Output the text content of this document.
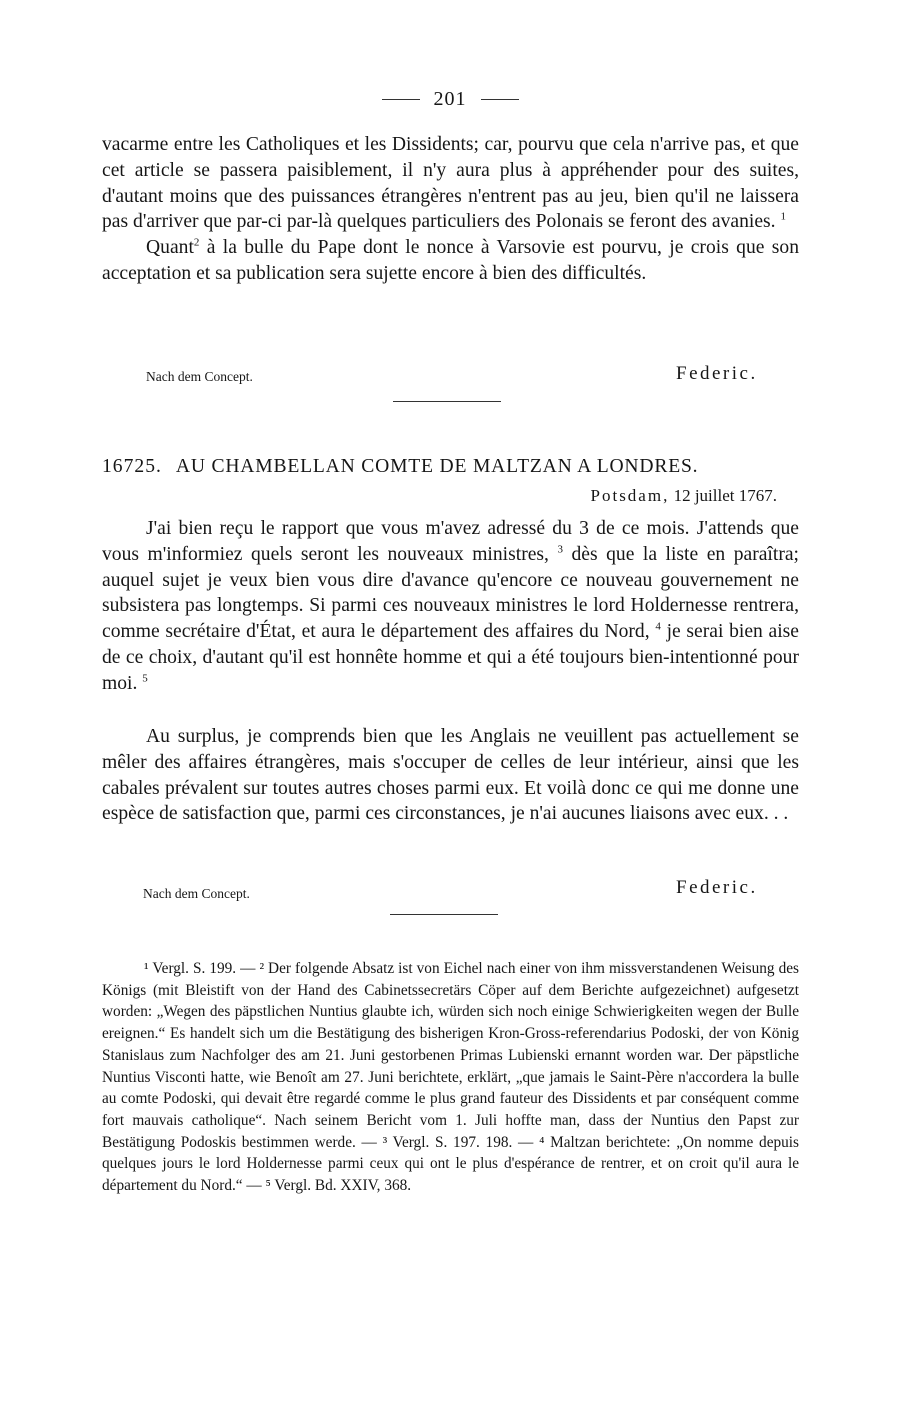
201

vacarme entre les Catholiques et les Dissidents; car, pourvu que cela n'arrive pas, et que cet article se passera paisiblement, il n'y aura plus à appréhender pour des suites, d'autant moins que des puissances étrangères n'entrent pas au jeu, bien qu'il ne laissera pas d'arriver que par-ci par-là quelques particuliers des Polonais se feront des avanies. $^1$

Quant$^2$ à la bulle du Pape dont le nonce à Varsovie est pourvu, je crois que son acceptation et sa publication sera sujette encore à bien des difficultés.

Nach dem Concept.	Federic.
16725. AU CHAMBELLAN COMTE DE MALTZAN A LONDRES.
Potsdam, 12 juillet 1767.

J'ai bien reçu le rapport que vous m'avez adressé du 3 de ce mois. J'attends que vous m'informiez quels seront les nouveaux ministres, $^3$ dès que la liste en paraîtra; auquel sujet je veux bien vous dire d'avance qu'encore ce nouveau gouvernement ne subsistera pas longtemps. Si parmi ces nouveaux ministres le lord Holdernesse rentrera, comme secrétaire d'État, et aura le département des affaires du Nord, $^4$ je serai bien aise de ce choix, d'autant qu'il est honnête homme et qui a été toujours bien-intentionné pour moi. $^5$

Au surplus, je comprends bien que les Anglais ne veuillent pas actuellement se mêler des affaires étrangères, mais s'occuper de celles de leur intérieur, ainsi que les cabales prévalent sur toutes autres choses parmi eux. Et voilà donc ce qui me donne une espèce de satisfaction que, parmi ces circonstances, je n'ai aucunes liaisons avec eux. . .

Nach dem Concept.	Federic.

¹ Vergl. S. 199. — ² Der folgende Absatz ist von Eichel nach einer von ihm missverstandenen Weisung des Königs (mit Bleistift von der Hand des Cabinetssecretärs Cöper auf dem Berichte aufgezeichnet) aufgesetzt worden: „Wegen des päpstlichen Nuntius glaubte ich, würden sich noch einige Schwierigkeiten wegen der Bulle ereignen.“ Es handelt sich um die Bestätigung des bisherigen Kron-Gross-referendarius Podoski, der von König Stanislaus zum Nachfolger des am 21. Juni gestorbenen Primas Lubienski ernannt worden war. Der päpstliche Nuntius Visconti hatte, wie Benoît am 27. Juni berichtete, erklärt, „que jamais le Saint-Père n'accordera la bulle au comte Podoski, qui devait être regardé comme le plus grand fauteur des Dissidents et par conséquent comme fort mauvais catholique“. Nach seinem Bericht vom 1. Juli hoffte man, dass der Nuntius den Papst zur Bestätigung Podoskis bestimmen werde. — ³ Vergl. S. 197. 198. — ⁴ Maltzan berichtete: „On nomme depuis quelques jours le lord Holdernesse parmi ceux qui ont le plus d'espérance de rentrer, et on croit qu'il aura le département du Nord.“ — ⁵ Vergl. Bd. XXIV, 368.
